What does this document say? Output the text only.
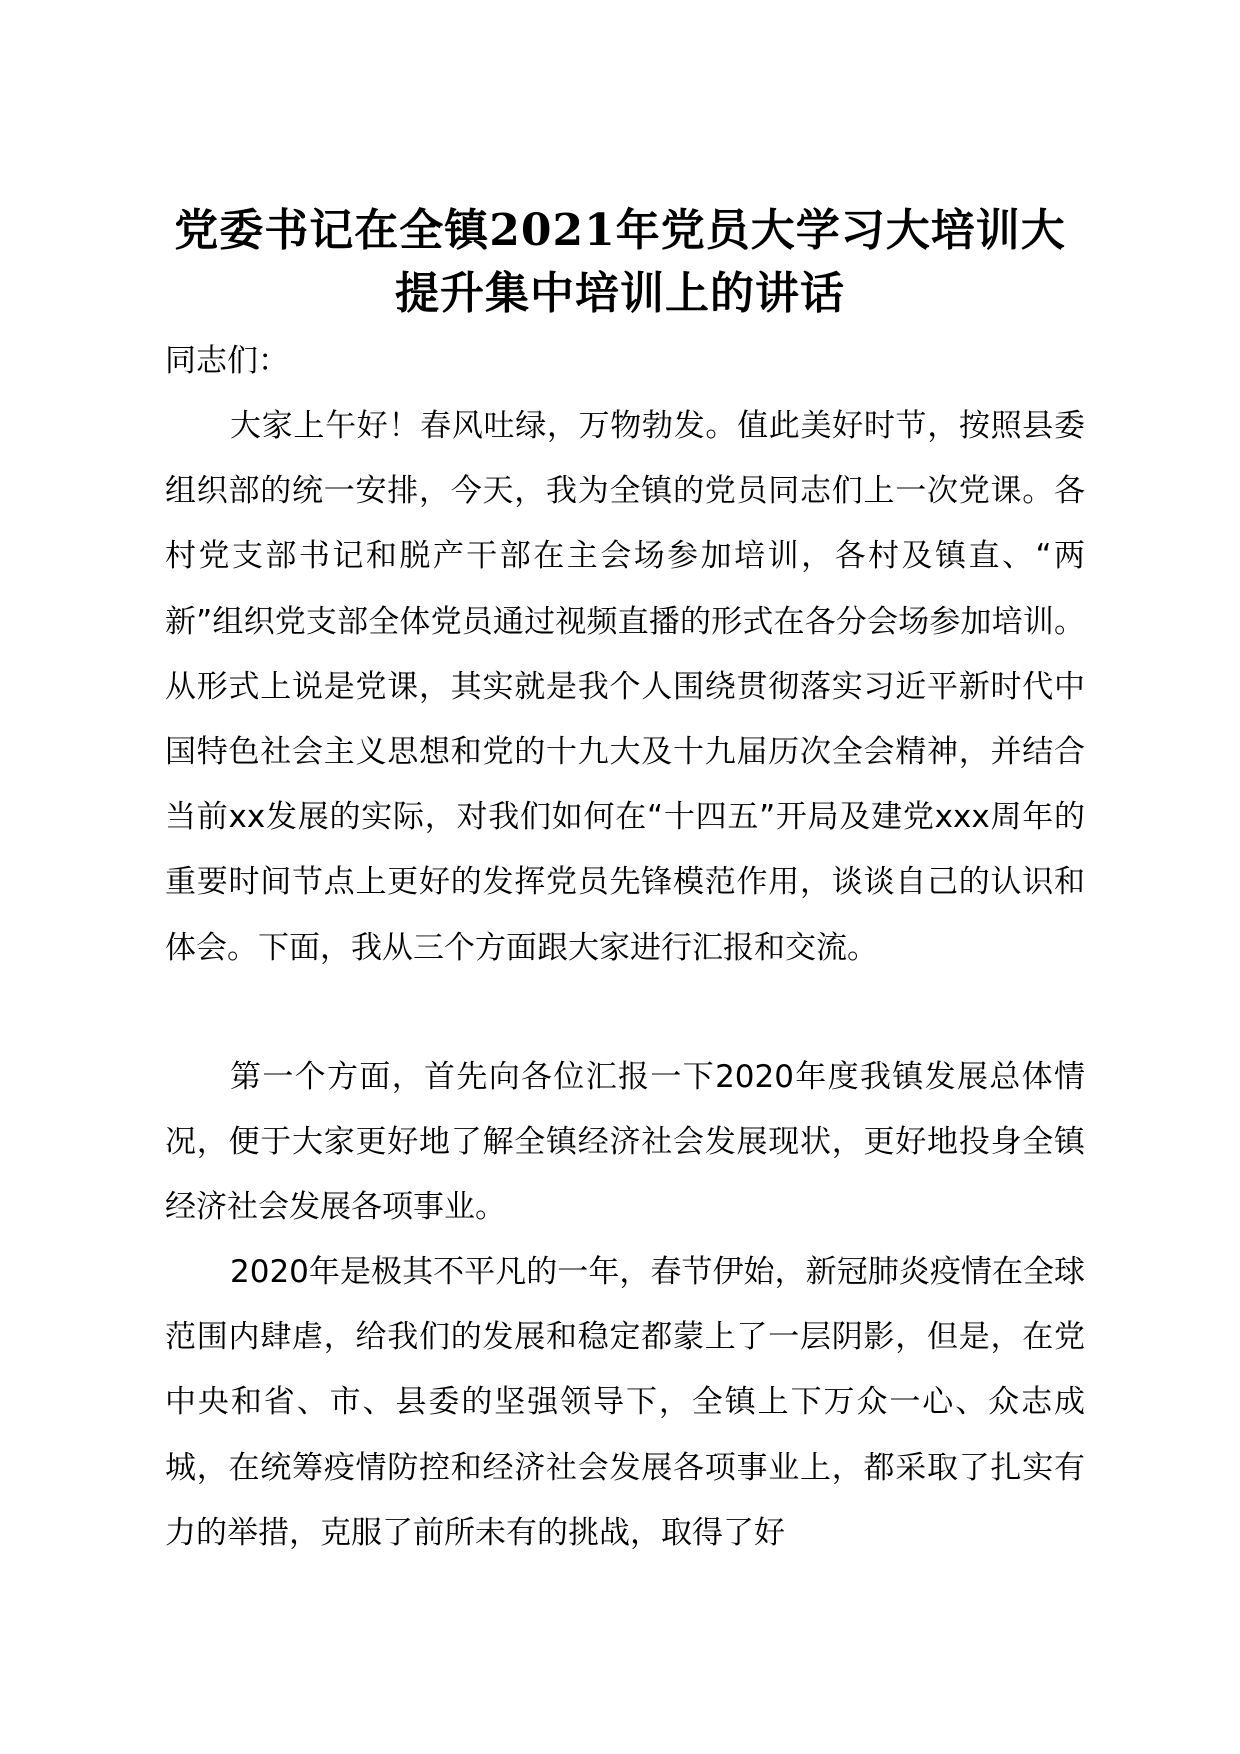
党委书记在全镇2021年党员大学习大培训大
提升集中培训上的讲话

同志们：

大家上午好！春风吐绿，万物勃发。值此美好时节，按照县委组织部的统一安排，今天，我为全镇的党员同志们上一次党课。各村党支部书记和脱产干部在主会场参加培训，各村及镇直、“两新”组织党支部全体党员通过视频直播的形式在各分会场参加培训。从形式上说是党课，其实就是我个人围绕贯彻落实习近平新时代中国特色社会主义思想和党的十九大及十九届历次全会精神，并结合当前xx发展的实际，对我们如何在“十四五”开局及建党xxx周年的重要时间节点上更好的发挥党员先锋模范作用，谈谈自己的认识和体会。下面，我从三个方面跟大家进行汇报和交流。

第一个方面，首先向各位汇报一下2020年度我镇发展总体情况，便于大家更好地了解全镇经济社会发展现状，更好地投身全镇经济社会发展各项事业。

2020年是极其不平凡的一年，春节伊始，新冠肺炎疫情在全球范围内肆虐，给我们的发展和稳定都蒙上了一层阴影，但是，在党中央和省、市、县委的坚强领导下，全镇上下万众一心、众志成城，在统筹疫情防控和经济社会发展各项事业上，都采取了扎实有力的举措，克服了前所未有的挑战，取得了好
